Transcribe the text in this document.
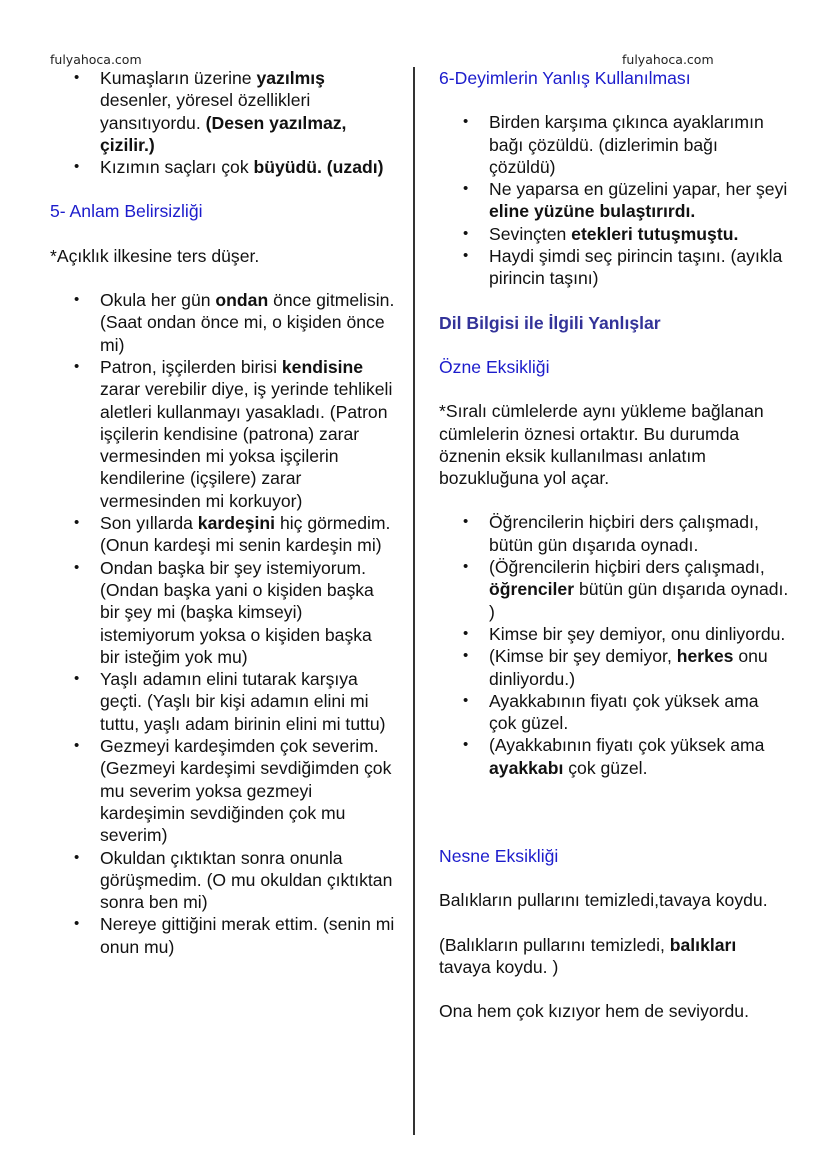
fulyahoca.com	fulyahoca.com
• Kumaşların üzerine yazılmış desenler, yöresel özellikleri yansıtıyordu. (Desen yazılmaz, çizilir.)
• Kızımın saçları çok büyüdü. (uzadı)

5- Anlam Belirsizliği

*Açıklık ilkesine ters düşer.

• Okula her gün ondan önce gitmelisin. (Saat ondan önce mi, o kişiden önce mi)
• Patron, işçilerden birisi kendisine zarar verebilir diye, iş yerinde tehlikeli aletleri kullanmayı yasakladı. (Patron işçilerin kendisine (patrona) zarar vermesinden mi yoksa işçilerin kendilerine (içşilere) zarar vermesinden mi korkuyor)
• Son yıllarda kardeşini hiç görmedim. (Onun kardeşi mi senin kardeşin mi)
• Ondan başka bir şey istemiyorum. (Ondan başka yani o kişiden başka bir şey mi (başka kimseyi) istemiyorum yoksa o kişiden başka bir isteğim yok mu)
• Yaşlı adamın elini tutarak karşıya geçti. (Yaşlı bir kişi adamın elini mi tuttu, yaşlı adam birinin elini mi tuttu)
• Gezmeyi kardeşimden çok severim. (Gezmeyi kardeşimi sevdiğimden çok mu severim yoksa gezmeyi kardeşimin sevdiğinden çok mu severim)
• Okuldan çıktıktan sonra onunla görüşmedim. (O mu okuldan çıktıktan sonra ben mi)
• Nereye gittiğini merak ettim. (senin mi onun mu)

6-Deyimlerin Yanlış Kullanılması

• Birden karşıma çıkınca ayaklarımın bağı çözüldü. (dizlerimin bağı çözüldü)
• Ne yaparsa en güzelini yapar, her şeyi eline yüzüne bulaştırırdı.
• Sevinçten etekleri tutuşmuştu.
• Haydi şimdi seç pirincin taşını. (ayıkla pirincin taşını)

Dil Bilgisi ile İlgili Yanlışlar

Özne Eksikliği

*Sıralı cümlelerde aynı yükleme bağlanan cümlelerin öznesi ortaktır. Bu durumda öznenin eksik kullanılması anlatım bozukluğuna yol açar.

• Öğrencilerin hiçbiri ders çalışmadı, bütün gün dışarıda oynadı.
• (Öğrencilerin hiçbiri ders çalışmadı, öğrenciler bütün gün dışarıda oynadı. )
• Kimse bir şey demiyor, onu dinliyordu.
• (Kimse bir şey demiyor, herkes onu dinliyordu.)
• Ayakkabının fiyatı çok yüksek ama çok güzel.
• (Ayakkabının fiyatı çok yüksek ama ayakkabı çok güzel.

Nesne Eksikliği

Balıkların pullarını temizledi,tavaya koydu.

(Balıkların pullarını temizledi, balıkları tavaya koydu. )

Ona hem çok kızıyor hem de seviyordu.
